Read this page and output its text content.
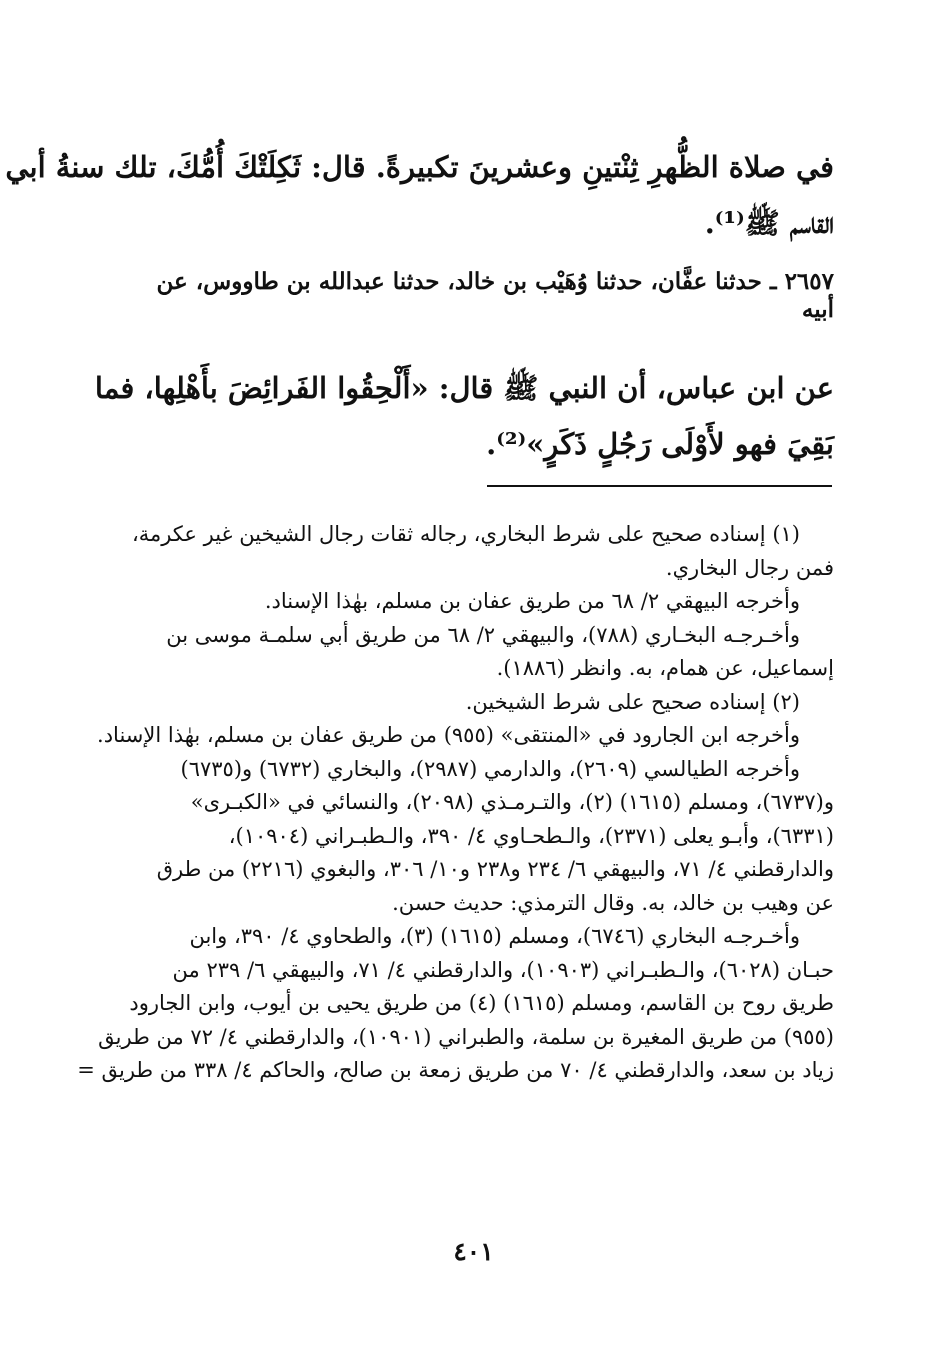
في صلاة الظُّهرِ ثِنْتينِ وعشرينَ تكبيرةً. قال: ثَكِلَتْكَ أُمُّكَ، تلك سنةُ أبي
القاسم ﷺ⁽¹⁾.
٢٦٥٧ ـ حدثنا عفَّان، حدثنا وُهَيْب بن خالد، حدثنا عبدالله بن طاووس، عن
أبيه
عن ابن عباس، أن النبي ﷺ قال: «أَلْحِقُوا الفَرائِضَ بأَهْلِها، فما
بَقِيَ فهو لأَوْلَى رَجُلٍ ذَكَرٍ»⁽²⁾.
(١) إسناده صحيح على شرط البخاري، رجاله ثقات رجال الشيخين غير عكرمة،
فمن رجال البخاري.
وأخرجه البيهقي ٢/ ٦٨ من طريق عفان بن مسلم، بهٰذا الإسناد.
وأخـرجـه البخـاري (٧٨٨)، والبيهقي ٢/ ٦٨ من طريق أبي سلمـة موسى بن
إسماعيل، عن همام، به. وانظر (١٨٨٦).
(٢) إسناده صحيح على شرط الشيخين.
وأخرجه ابن الجارود في «المنتقى» (٩٥٥) من طريق عفان بن مسلم، بهٰذا الإسناد.
وأخرجه الطيالسي (٢٦٠٩)، والدارمي (٢٩٨٧)، والبخاري (٦٧٣٢) و(٦٧٣٥)
و(٦٧٣٧)، ومسلم (١٦١٥) (٢)، والتـرمـذي (٢٠٩٨)، والنسائي في «الكبـرى»
(٦٣٣١)، وأبـو يعلى (٢٣٧١)، والـطحـاوي ٤/ ٣٩٠، والـطبـراني (١٠٩٠٤)،
والدارقطني ٤/ ٧١، والبيهقي ٦/ ٢٣٤ و٢٣٨ و١٠/ ٣٠٦، والبغوي (٢٢١٦) من طرق
عن وهيب بن خالد، به. وقال الترمذي: حديث حسن.
وأخـرجـه البخاري (٦٧٤٦)، ومسلم (١٦١٥) (٣)، والطحاوي ٤/ ٣٩٠، وابن
حبـان (٦٠٢٨)، والـطبـراني (١٠٩٠٣)، والدارقطني ٤/ ٧١، والبيهقي ٦/ ٢٣٩ من
طريق روح بن القاسم، ومسلم (١٦١٥) (٤) من طريق يحيى بن أيوب، وابن الجارود
(٩٥٥) من طريق المغيرة بن سلمة، والطبراني (١٠٩٠١)، والدارقطني ٤/ ٧٢ من طريق
زياد بن سعد، والدارقطني ٤/ ٧٠ من طريق زمعة بن صالح، والحاكم ٤/ ٣٣٨ من طريق =
٤٠١
